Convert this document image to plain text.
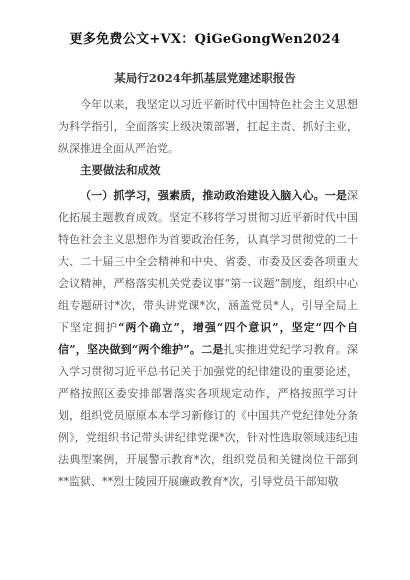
更多免费公文+VX：QiGeGongWen2024
某局行2024年抓基层党建述职报告
今年以来，我坚定以习近平新时代中国特色社会主义思想为科学指引，全面落实上级决策部署，扛起主责、抓好主业，纵深推进全面从严治党。
主要做法和成效
（一）抓学习，强素质，推动政治建设入脑入心。一是深化拓展主题教育成效。坚定不移将学习贯彻习近平新时代中国特色社会主义思想作为首要政治任务，认真学习贯彻党的二十大、二十届三中全会精神和中央、省委、市委及区委各项重大会议精神，严格落实机关党委议事“第一议题”制度，组织中心组专题研讨*次，带头讲党课*次，涵盖党员*人，引导全局上下坚定拥护“两个确立”，增强“四个意识”，坚定“四个自信”，坚决做到“两个维护”。二是扎实推进党纪学习教育。深入学习贯彻习近平总书记关于加强党的纪律建设的重要论述，严格按照区委安排部署落实各项规定动作，严格按照学习计划，组织党员原原本本学习新修订的《中国共产党纪律处分条例》，党组织书记带头讲纪律党课*次，针对性选取领域违纪违法典型案例，开展警示教育*次，组织党员和关键岗位干部到**监狱、**烈士陵园开展廉政教育*次，引导党员干部知敬
